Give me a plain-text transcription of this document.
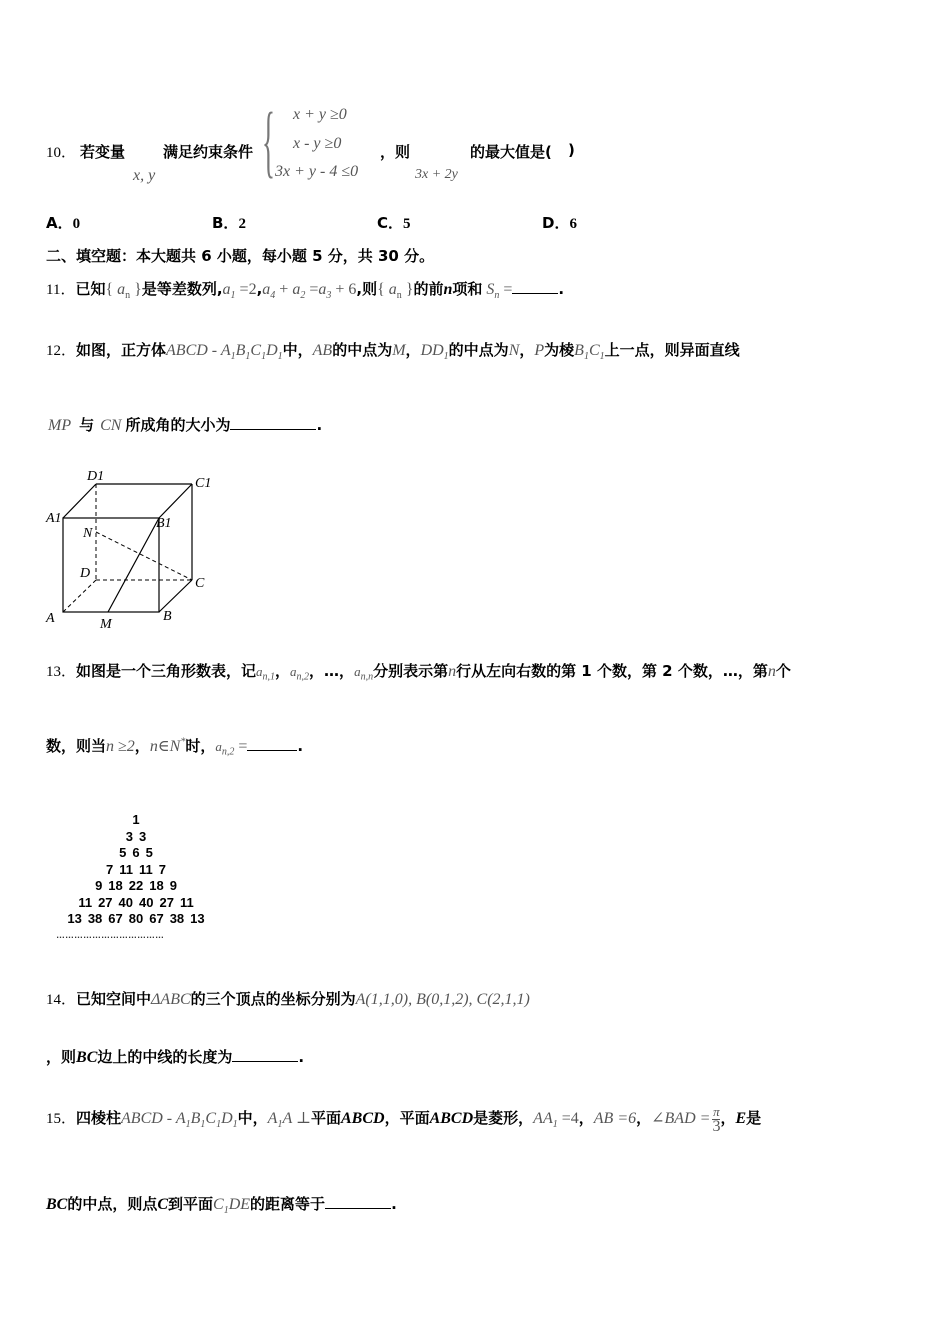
10． 若变量
x, y
满足约束条件 { x + y ≥0
x - y ≥0
3x + y - 4 ≤0
，则
3x + 2y
的最大值是( )
A．0	B．2	C．5	D．6
二、填空题：本大题共 6 小题，每小题 5 分，共 30 分。
11．已知{ $a_n$ }是等差数列$,a_1 =2,a_4 + a_2 =a_3 + 6$,则{ $a_n$ }的前n项和 $S_n$ =	.
12．如图，正方体ABCD - $A_1B_1C_1D_1$中，AB的中点为M，$DD_1$的中点为N，P为棱$B_1C_1$上一点，则异面直线
MP 与 CN 所成角的大小为	.
D1	C1
A1	B1
N
D
C
A	M
B
13．如图是一个三角形数表，记$a_{n,1}$，$a_{n,2}$，…，$a_{n,n}$分别表示第n行从左向右数的第 1 个数，第 2 个数，…，第n个
数，则当n ≥2，n∈N*时，$a_{n,2}$ =	.
1
3 3
5 6 5
7 11 11 7
9 18 22 18 9
11 27 40 40 27 11
13 38 67 80 67 38 13
………………………………
14．已知空间中ΔABC的三个顶点的坐标分别为A(1,1,0), B(0,1,2), C(2,1,1)
，则BC边上的中线的长度为	.
15．四棱柱ABCD - $A_1B_1C_1D_1$中，$A_1A$ ⊥平面ABCD，平面ABCD是菱形，$AA_1 =4$，AB =6，∠BAD = π
3 ，E是
BC的中点，则点C到平面$C_1DE$的距离等于	.
